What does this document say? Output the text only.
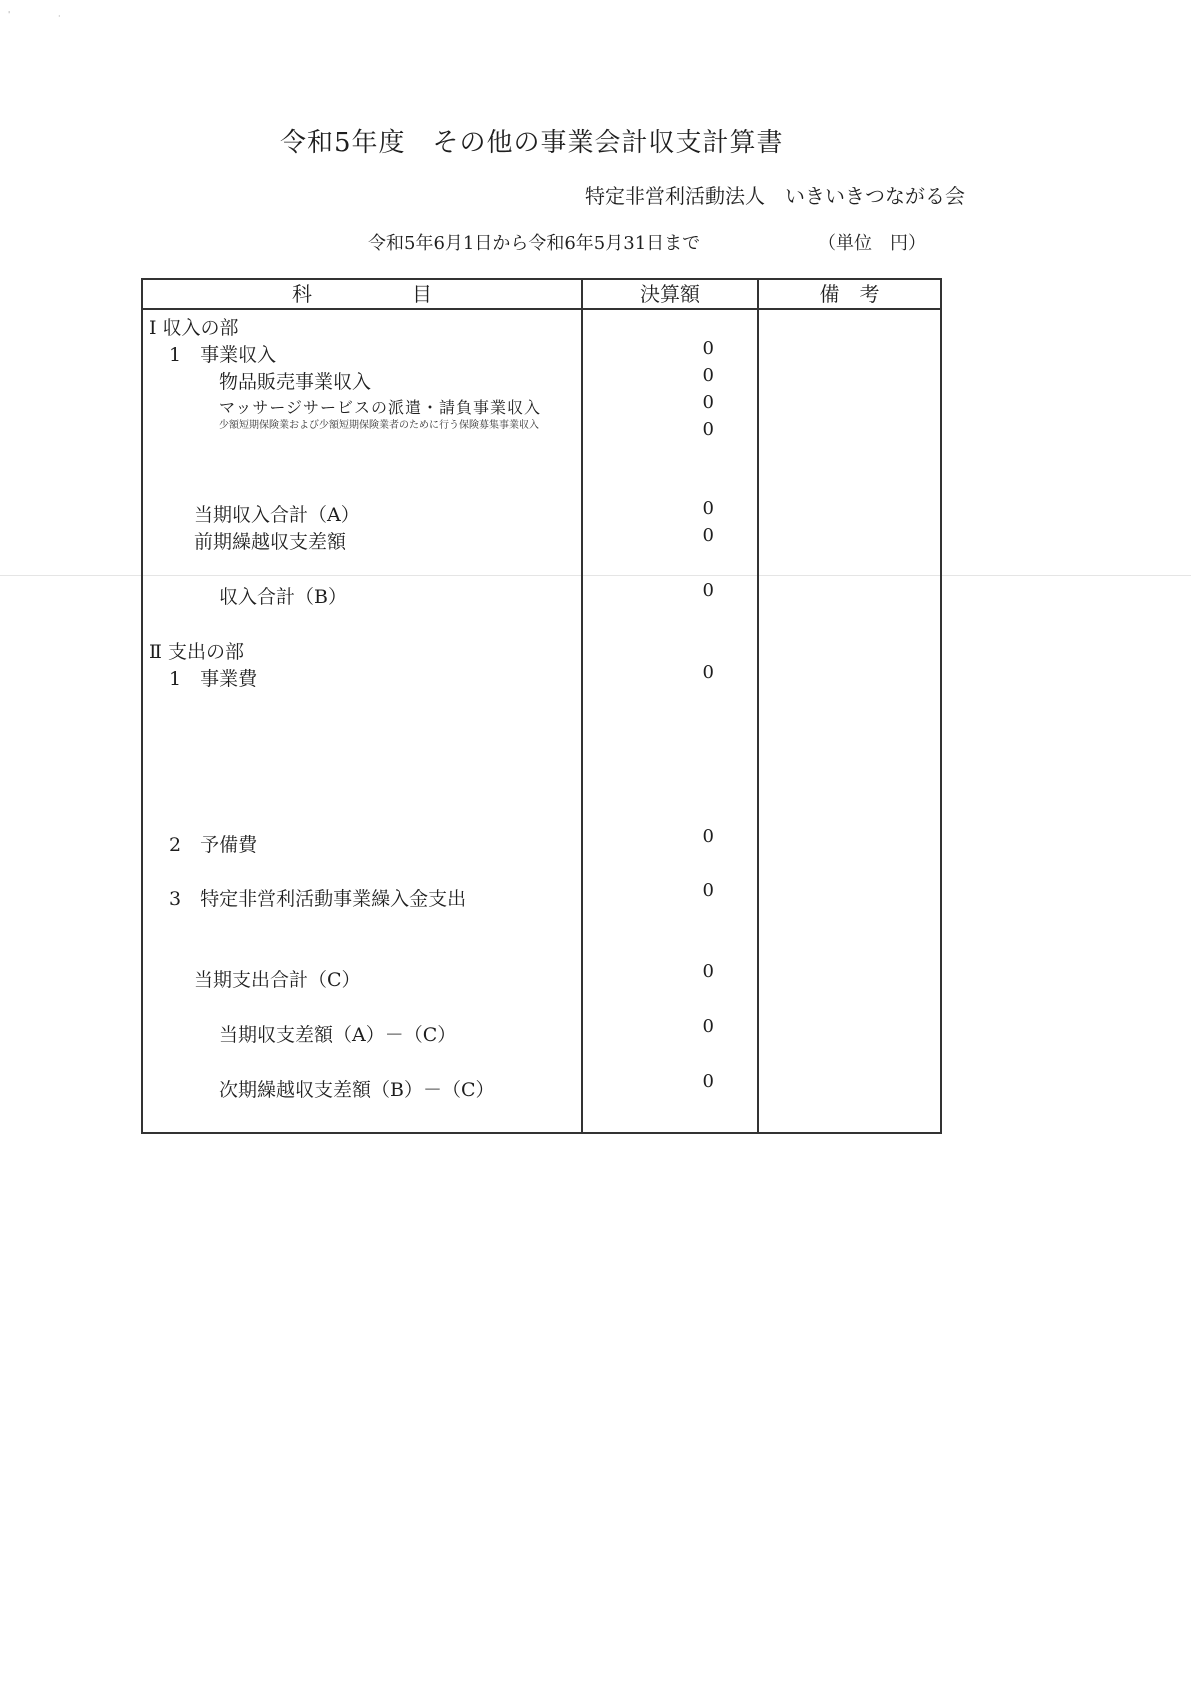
'	·
令和5年度　その他の事業会計収支計算書
特定非営利活動法人　いきいきつながる会
令和5年6月1日から令和6年5月31日まで	（単位　円）
科　　　　　目	決算額	備　考
Ⅰ 収入の部
1　事業収入	0
物品販売事業収入	0
マッサージサービスの派遣・請負事業収入	0
少額短期保険業および少額短期保険業者のために行う保険募集事業収入	0
当期収入合計（A）	0
前期繰越収支差額	0
収入合計（B）	0
Ⅱ 支出の部
1　事業費	0
2　予備費	0
3　特定非営利活動事業繰入金支出	0
当期支出合計（C）	0
当期収支差額（A）－（C）	0
次期繰越収支差額（B）－（C）	0
